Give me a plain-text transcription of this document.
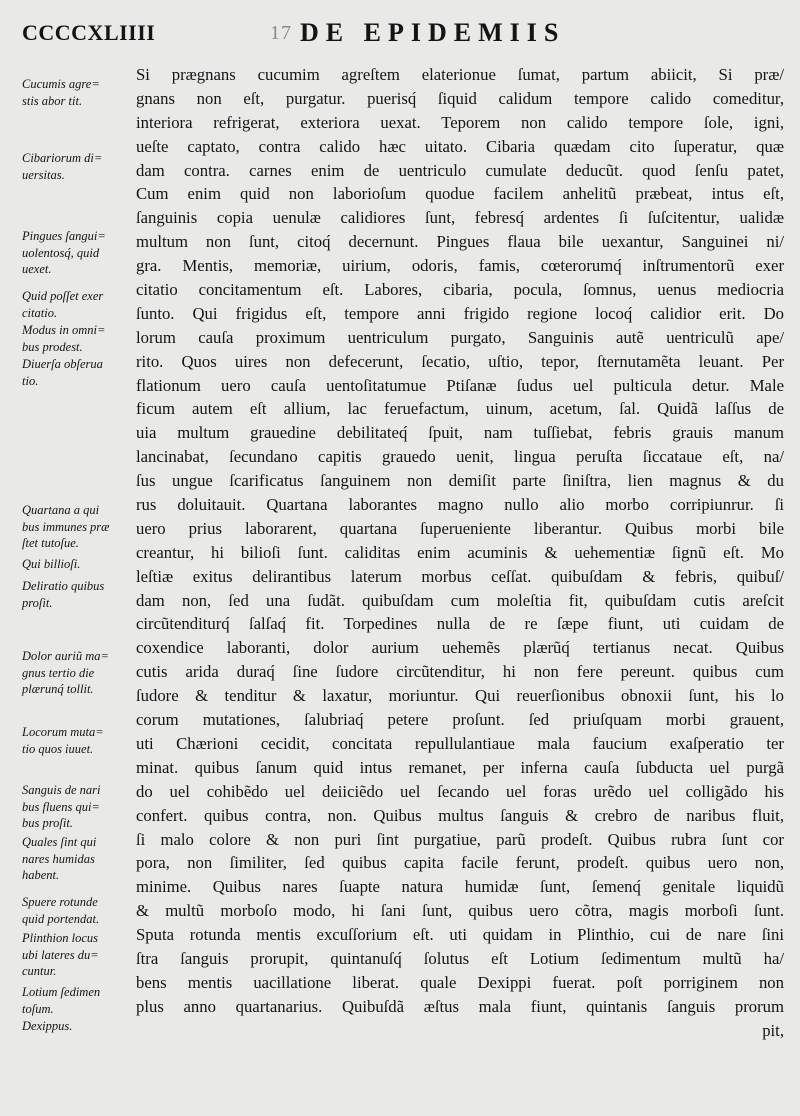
CCCCXLIIII	17 DE EPIDEMIIS
Cucumis agre=
stis abor tit.
Cibariorum di=
uersitas.
Pingues ſangui=
uolentosq́, quid
uexet.
Quid poſſet exer
citatio.
Modus in omni=
bus prodest.
Diuerſa obſerua
tio.
Quartana a qui
bus immunes præ
ſtet tutoſue.
Qui billioſi.
Deliratio quibus
proſit.
Dolor auriũ ma=
gnus tertio die
plærunq́ tollit.
Locorum muta=
tio quos iuuet.
Sanguis de nari
bus fluens qui=
bus proſit.
Quales ſint qui
nares humidas
habent.
Spuere rotunde
quid portendat.
Plinthion locus
ubi lateres du=
cuntur.
Lotium ſedimen
toſum.
Dexippus.
Si prægnans cucumim agreſtem elaterionue ſumat, partum abiicit, Si præ/
gnans non eſt, purgatur. puerisq́ ſiquid calidum tempore calido comeditur,
interiora refrigerat, exteriora uexat. Teporem non calido tempore ſole, igni,
ueſte captato, contra calido hæc uitato. Cibaria quædam cito ſuperatur, quæ
dam contra. carnes enim de uentriculo cumulate deducũt. quod ſenſu patet,
Cum enim quid non laborioſum quodue facilem anhelitũ præbeat, intus eſt,
ſanguinis copia uenulæ calidiores ſunt, febresq́ ardentes ſi ſuſcitentur, ualidæ
multum non ſunt, citoq́ decernunt. Pingues flaua bile uexantur, Sanguinei ni/
gra. Mentis, memoriæ, uirium, odoris, famis, cœterorumq́ inſtrumentorũ exer
citatio concitamentum eſt. Labores, cibaria, pocula, ſomnus, uenus mediocria
ſunto. Qui frigidus eſt, tempore anni frigido regione locoq́ calidior erit. Do
lorum cauſa proximum uentriculum purgato, Sanguinis autẽ uentriculũ ape/
rito. Quos uires non defecerunt, ſecatio, uſtio, tepor, ſternutamẽta leuant. Per
flationum uero cauſa uentoſitatumue Ptiſanæ ſudus uel pulticula detur. Male
ficum autem eſt allium, lac feruefactum, uinum, acetum, ſal. Quidã laſſus de
uia multum grauedine debilitateq́ ſpuit, nam tuſſiebat, febris grauis manum
lancinabat, ſecundano capitis grauedo uenit, lingua peruſta ſiccataue eſt, na/
ſus ungue ſcarificatus ſanguinem non demiſit parte ſiniſtra, lien magnus & du
rus doluitauit. Quartana laborantes magno nullo alio morbo corripiunrur. ſi
uero prius laborarent, quartana ſuperueniente liberantur. Quibus morbi bile
creantur, hi bilioſi ſunt. caliditas enim acuminis & uehementiæ ſignũ eſt. Mo
leſtiæ exitus delirantibus laterum morbus ceſſat. quibuſdam & febris, quibuſ/
dam non, ſed una ſudãt. quibuſdam cum moleſtia fit, quibuſdam cutis areſcit
circũtenditurq́ ſalſaq́ fit. Torpedines nulla de re ſæpe fiunt, uti cuidam de
coxendice laboranti, dolor aurium uehemẽs plærũq́ tertianus necat. Quibus
cutis arida duraq́ ſine ſudore circũtenditur, hi non fere pereunt. quibus cum
ſudore & tenditur & laxatur, moriuntur. Qui reuerſionibus obnoxii ſunt, his lo
corum mutationes, ſalubriaq́ petere proſunt. ſed priuſquam morbi grauent,
uti Chærioni cecidit, concitata repullulantiaue mala faucium exaſperatio ter
minat. quibus ſanum quid intus remanet, per inferna cauſa ſubducta uel purgã
do uel cohibẽdo uel deiiciẽdo uel ſecando uel foras urẽdo uel colligãdo his
confert. quibus contra, non. Quibus multus ſanguis & crebro de naribus fluit,
ſi malo colore & non puri ſint purgatiue, parũ prodeſt. Quibus rubra ſunt cor
pora, non ſimiliter, ſed quibus capita facile ferunt, prodeſt. quibus uero non,
minime. Quibus nares ſuapte natura humidæ ſunt, ſemenq́ genitale liquidũ
& multũ morboſo modo, hi ſani ſunt, quibus uero cõtra, magis morboſi ſunt.
Sputa rotunda mentis excuſſorium eſt. uti quidam in Plinthio, cui de nare ſini
ſtra ſanguis prorupit, quintanuſq́ ſolutus eſt Lotium ſedimentum multũ ha/
bens mentis uacillatione liberat. quale Dexippi fuerat. poſt porriginem non
plus anno quartanarius. Quibuſdã æſtus mala fiunt, quintanis ſanguis prorum
pit,
